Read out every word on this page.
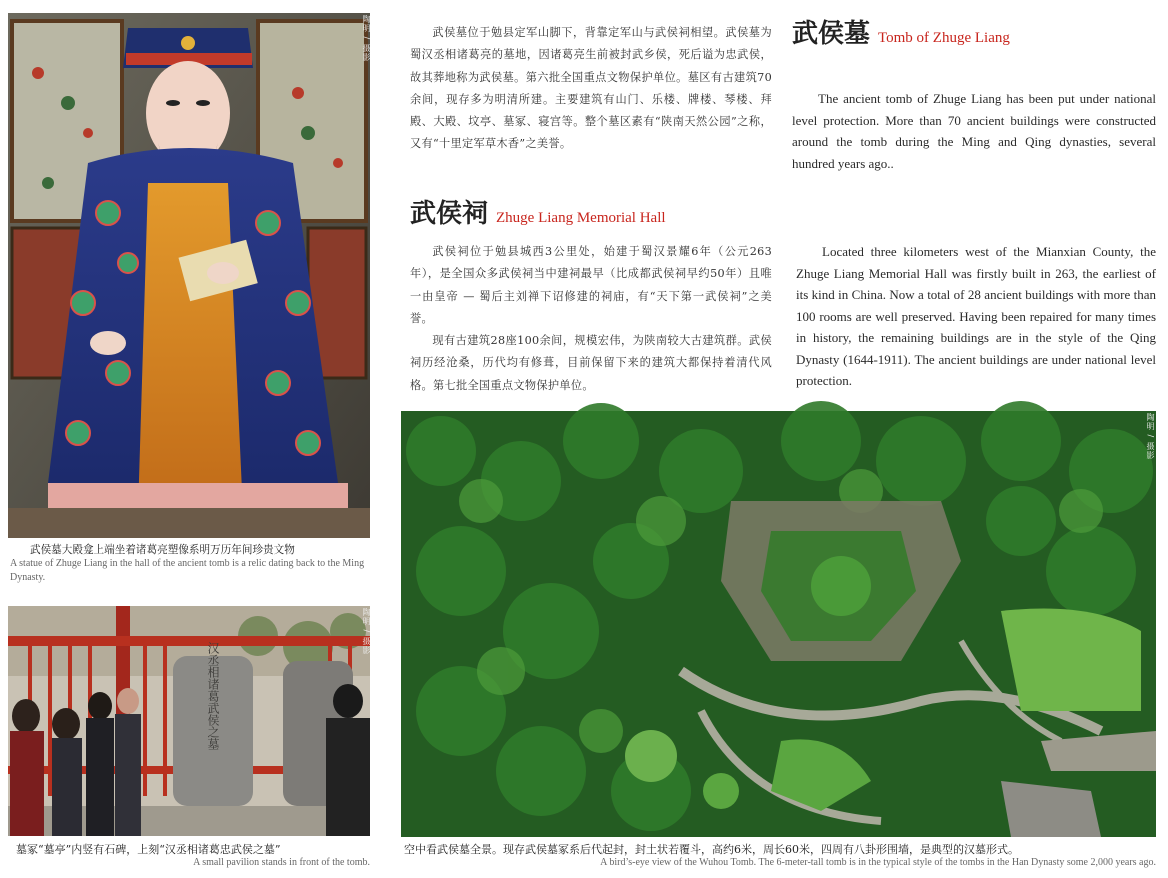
陶明 / 摄影
武侯墓大殿龛上端坐着诸葛亮塑像系明万历年间珍贵文物
A statue of Zhuge Liang in the hall of the ancient tomb is a relic dating back to the Ming Dynasty.
汉丞相诸葛武侯之墓
陶明 / 摄影
墓冢“墓亭”内竖有石碑，上刻“汉丞相诸葛忠武侯之墓”
A small pavilion stands in front of the tomb.

武侯墓位于勉县定军山脚下，背靠定军山与武侯祠相望。武侯墓为蜀汉丞相诸葛亮的墓地，因诸葛亮生前被封武乡侯，死后谥为忠武侯，故其葬地称为武侯墓。第六批全国重点文物保护单位。墓区有古建筑70余间，现存多为明清所建。主要建筑有山门、乐楼、牌楼、琴楼、拜殿、大殿、坟亭、墓冢、寝宫等。整个墓区素有“陕南天然公园”之称，又有“十里定军草木香”之美誉。

武侯墓 Tomb of Zhuge Liang

The ancient tomb of Zhuge Liang has been put under national level protection. More than 70 ancient buildings were constructed around the tomb during the Ming and Qing dynasties, several hundred years ago..

武侯祠 Zhuge Liang Memorial Hall

武侯祠位于勉县城西3公里处，始建于蜀汉景耀6年（公元263年），是全国众多武侯祠当中建祠最早（比成都武侯祠早约50年）且唯一由皇帝 — 蜀后主刘禅下诏修建的祠庙，有“天下第一武侯祠”之美誉。

现有古建筑28座100余间，规模宏伟，为陕南较大古建筑群。武侯祠历经沧桑，历代均有修葺，目前保留下来的建筑大都保持着清代风格。第七批全国重点文物保护单位。

Located three kilometers west of the Mianxian County, the Zhuge Liang Memorial Hall was firstly built in 263, the earliest of its kind in China. Now a total of 28 ancient buildings with more than 100 rooms are well preserved. Having been repaired for many times in history, the remaining buildings are in the style of the Qing Dynasty (1644-1911). The ancient buildings are under national level protection.

陶明 / 摄影
空中看武侯墓全景。现存武侯墓冢系后代起封，封土状若覆斗，高约6米，周长60米，四周有八卦形围墙，是典型的汉墓形式。
A bird’s-eye view of the Wuhou Tomb. The 6-meter-tall tomb is in the typical style of the tombs in the Han Dynasty some 2,000 years ago.
